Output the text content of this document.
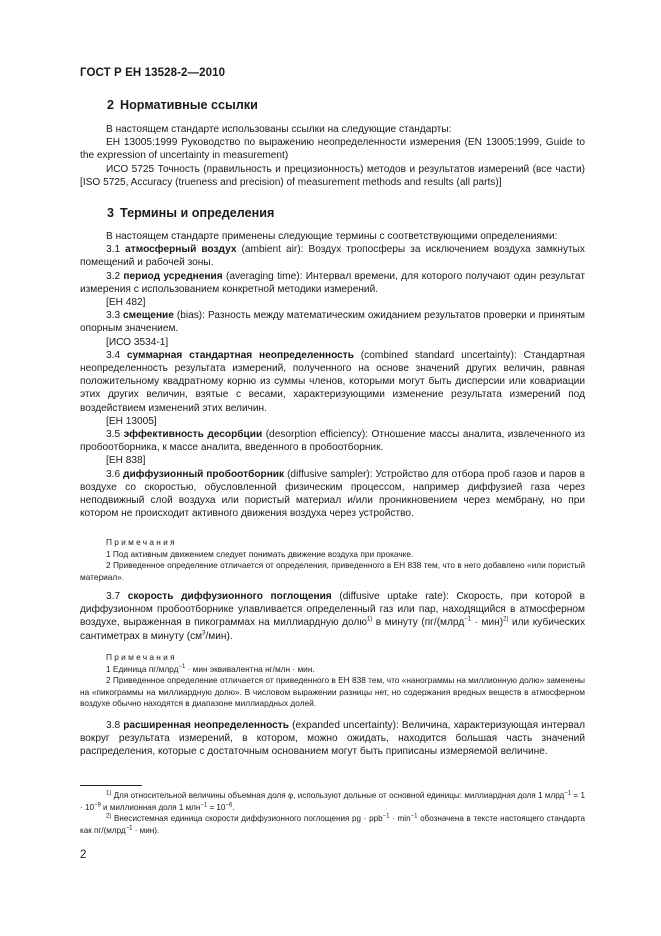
ГОСТ Р ЕН 13528-2—2010
2 Нормативные ссылки

В настоящем стандарте использованы ссылки на следующие стандарты:

ЕН 13005:1999 Руководство по выражению неопределенности измерения (EN 13005:1999, Guide to the expression of uncertainty in measurement)

ИСО 5725 Точность (правильность и прецизионность) методов и результатов измерений (все части) [ISO 5725, Accuracy (trueness and precision) of measurement methods and results (all parts)]

3 Термины и определения

В настоящем стандарте применены следующие термины с соответствующими определениями:

3.1 атмосферный воздух (ambient air): Воздух тропосферы за исключением воздуха замкнутых помещений и рабочей зоны.

3.2 период усреднения (averaging time): Интервал времени, для которого получают один результат измерения с использованием конкретной методики измерений.

[ЕН 482]

3.3 смещение (bias): Разность между математическим ожиданием результатов проверки и принятым опорным значением.

[ИСО 3534-1]

3.4 суммарная стандартная неопределенность (combined standard uncertainty): Стандартная неопределенность результата измерений, полученного на основе значений других величин, равная положительному квадратному корню из суммы членов, которыми могут быть дисперсии или ковариации этих других величин, взятые с весами, характеризующими изменение результата измерений под воздействием изменений этих величин.

[ЕН 13005]

3.5 эффективность десорбции (desorption efficiency): Отношение массы аналита, извлеченного из пробоотборника, к массе аналита, введенного в пробоотборник.

[ЕН 838]

3.6 диффузионный пробоотборник (diffusive sampler): Устройство для отбора проб газов и паров в воздухе со скоростью, обусловленной физическим процессом, например диффузией газа через неподвижный слой воздуха или пористый материал и/или проникновением через мембрану, но при котором не происходит активного движения воздуха через устройство.

Примечания

1 Под активным движением следует понимать движение воздуха при прокачке.

2 Приведенное определение отличается от определения, приведенного в ЕН 838 тем, что в него добавлено «или пористый материал».

3.7 скорость диффузионного поглощения (diffusive uptake rate): Скорость, при которой в диффузионном пробоотборнике улавливается определенный газ или пар, находящийся в атмосферном воздухе, выраженная в пикограммах на миллиардную долю$^{1)}$ в минуту (пг/(млрд$^{-1}$ · мин)$^{2)}$ или кубических сантиметрах в минуту $(см^3/мин)$.

Примечания

1 Единица пг/млрд$^{-1}$ · мин эквивалентна нг/млн · мин.

2 Приведенное определение отличается от приведенного в ЕН 838 тем, что «нанограммы на миллионную долю» заменены на «пикограммы на миллиардную долю». В числовом выражении разницы нет, но содержания вредных веществ в атмосферном воздухе обычно находятся в диапазоне миллиардных долей.

3.8 расширенная неопределенность (expanded uncertainty): Величина, характеризующая интервал вокруг результата измерений, в котором, можно ожидать, находится большая часть значений распределения, которые с достаточным основанием могут быть приписаны измеряемой величине.

$^{1)}$ Для относительной величины объемная доля φ, используют дольные от основной единицы: миллиардная доля 1 млрд$^{-1}$ = $1 \cdot 10^{-9}$ и миллионная доля 1 $млн^{-1} = 10^{-6}$.

$^{2)}$ Внесистемная единица скорости диффузионного поглощения pg · $ppb^{-1} \cdot \min^{-1}$ обозначена в тексте настоящего стандарта как пг/(млрд$^{-1}$ · мин).

2
